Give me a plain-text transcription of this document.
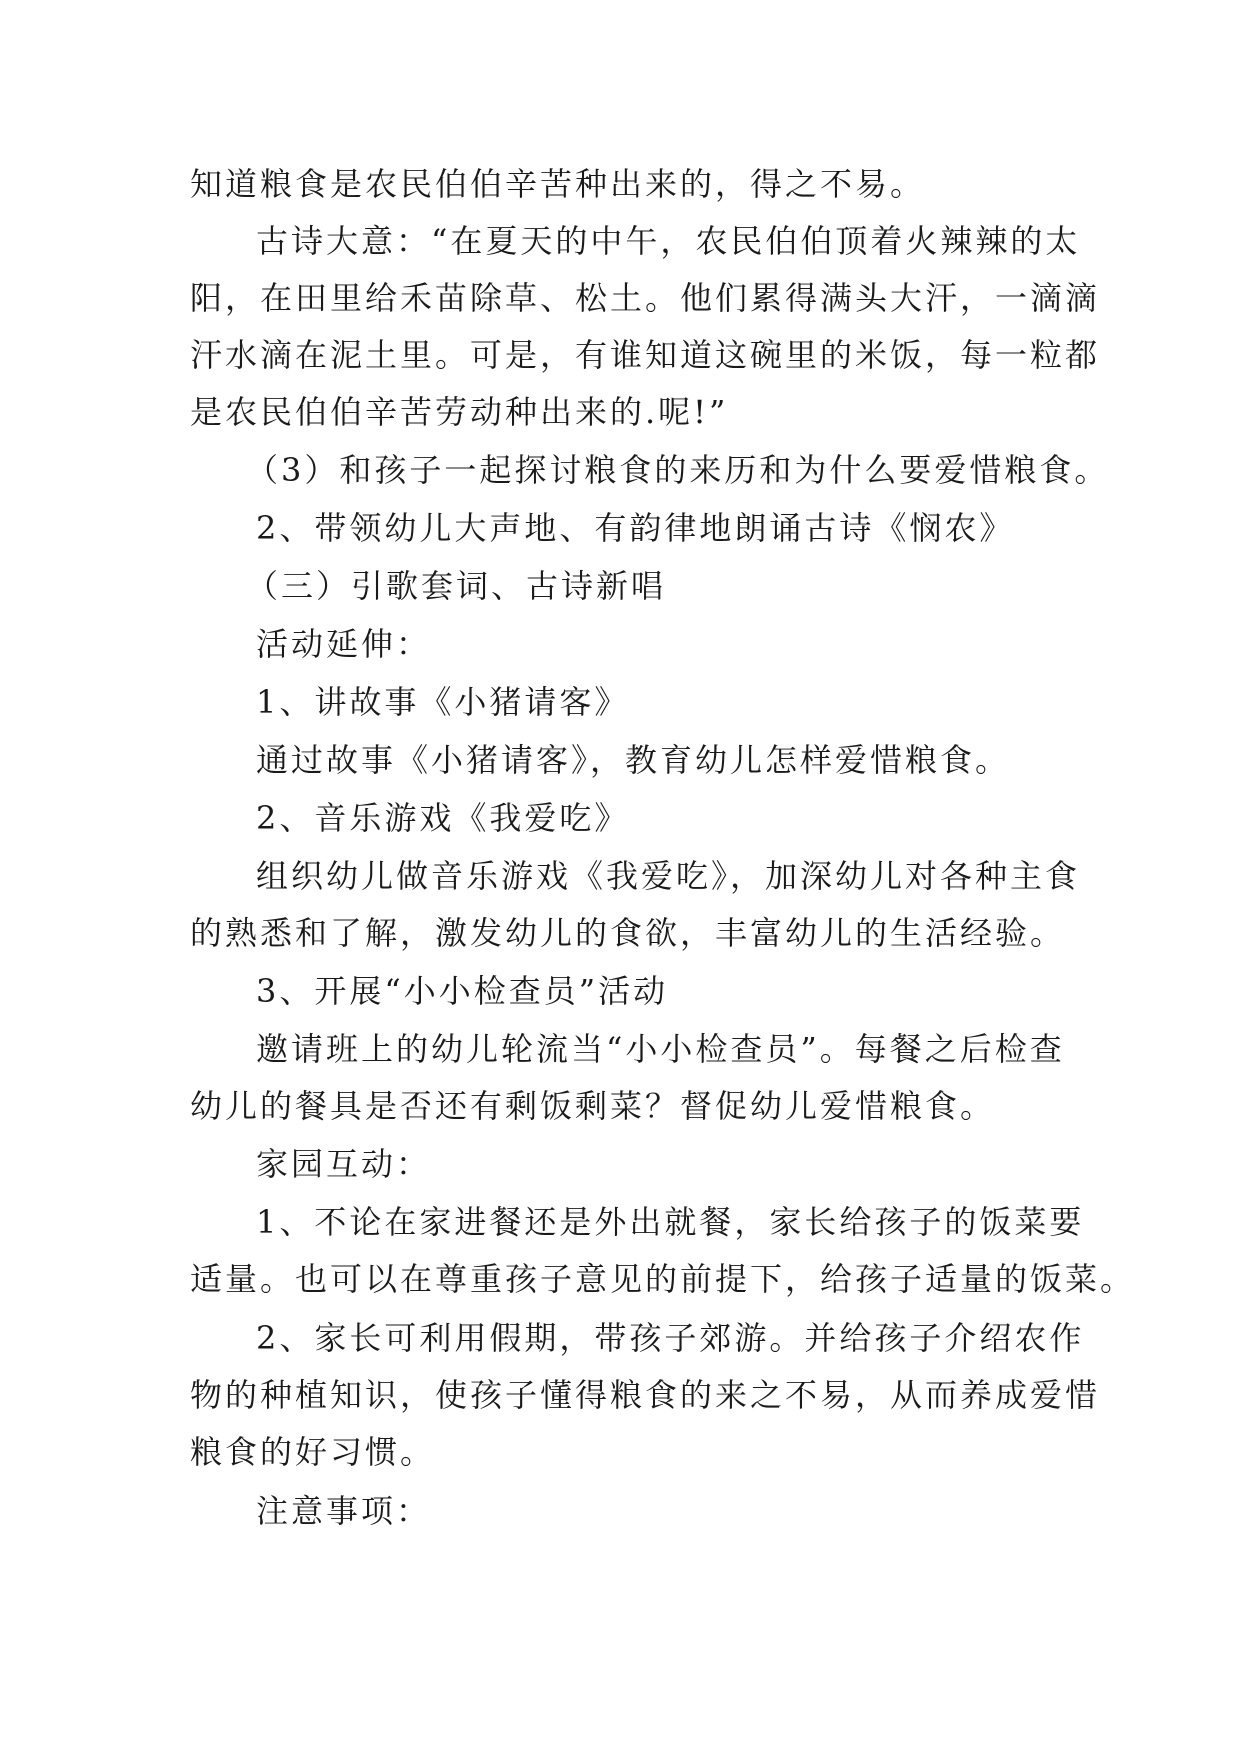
知道粮食是农民伯伯辛苦种出来的，得之不易。

古诗大意：“在夏天的中午，农民伯伯顶着火辣辣的太

阳，在田里给禾苗除草、松土。他们累得满头大汗，一滴滴

汗水滴在泥土里。可是，有谁知道这碗里的米饭，每一粒都

是农民伯伯辛苦劳动种出来的.呢!”

（3）和孩子一起探讨粮食的来历和为什么要爱惜粮食。

2、带领幼儿大声地、有韵律地朗诵古诗《悯农》

（三）引歌套词、古诗新唱

活动延伸：

1、讲故事《小猪请客》

通过故事《小猪请客》，教育幼儿怎样爱惜粮食。

2、音乐游戏《我爱吃》

组织幼儿做音乐游戏《我爱吃》，加深幼儿对各种主食

的熟悉和了解，激发幼儿的食欲，丰富幼儿的生活经验。

3、开展“小小检查员”活动

邀请班上的幼儿轮流当“小小检查员”。每餐之后检查

幼儿的餐具是否还有剩饭剩菜？督促幼儿爱惜粮食。

家园互动：

1、不论在家进餐还是外出就餐，家长给孩子的饭菜要

适量。也可以在尊重孩子意见的前提下，给孩子适量的饭菜。

2、家长可利用假期，带孩子郊游。并给孩子介绍农作

物的种植知识，使孩子懂得粮食的来之不易，从而养成爱惜

粮食的好习惯。

注意事项：
